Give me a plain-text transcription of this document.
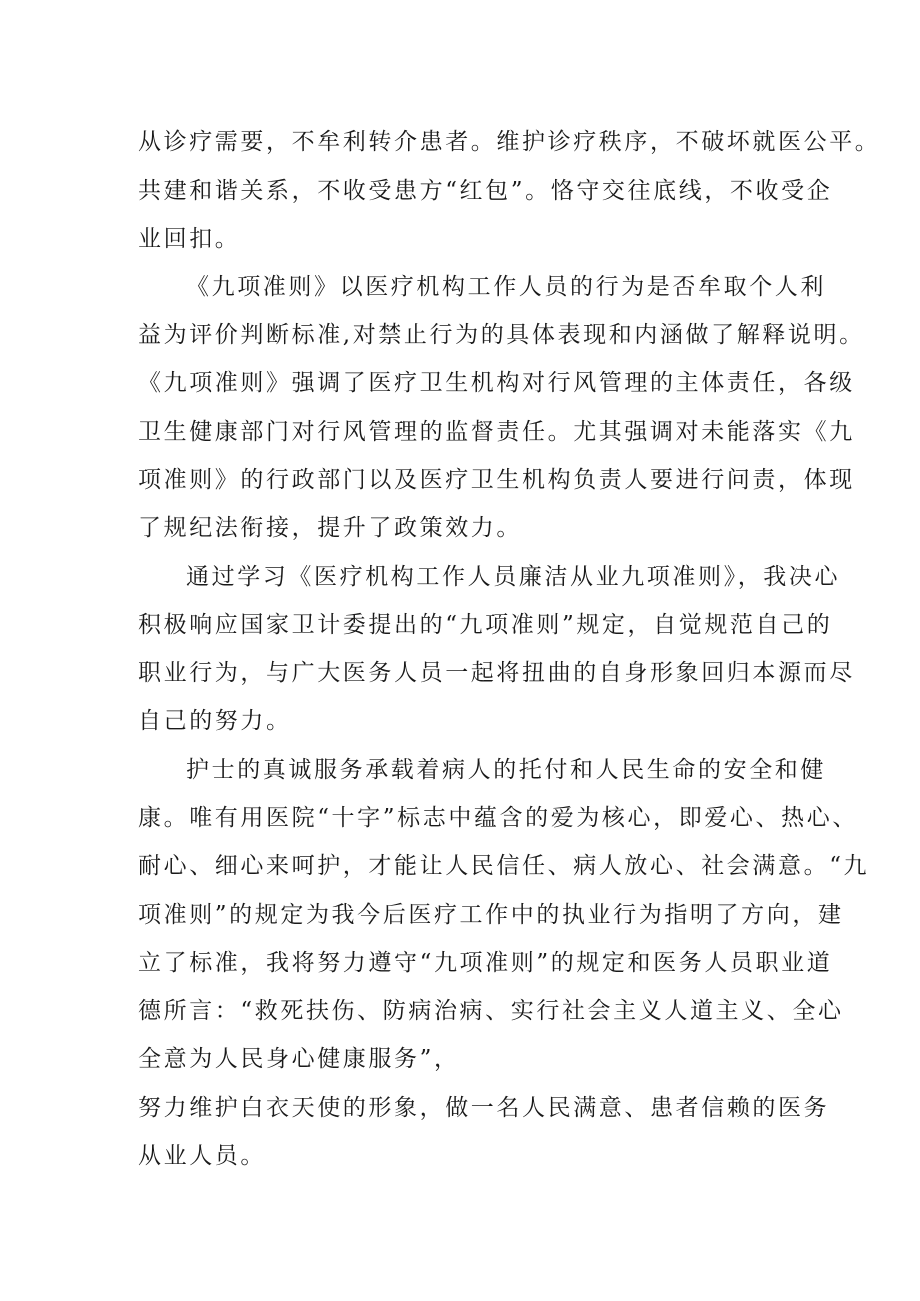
从诊疗需要，不牟利转介患者。维护诊疗秩序，不破坏就医公平。
共建和谐关系，不收受患方“红包”。恪守交往底线，不收受企
业回扣。
《九项准则》以医疗机构工作人员的行为是否牟取个人利
益为评价判断标准,对禁止行为的具体表现和内涵做了解释说明。
《九项准则》强调了医疗卫生机构对行风管理的主体责任，各级
卫生健康部门对行风管理的监督责任。尤其强调对未能落实《九
项准则》的行政部门以及医疗卫生机构负责人要进行问责，体现
了规纪法衔接，提升了政策效力。
通过学习《医疗机构工作人员廉洁从业九项准则》，我决心
积极响应国家卫计委提出的“九项准则”规定，自觉规范自己的
职业行为，与广大医务人员一起将扭曲的自身形象回归本源而尽
自己的努力。
护士的真诚服务承载着病人的托付和人民生命的安全和健
康。唯有用医院“十字”标志中蕴含的爱为核心，即爱心、热心、
耐心、细心来呵护，才能让人民信任、病人放心、社会满意。“九
项准则”的规定为我今后医疗工作中的执业行为指明了方向，建
立了标准，我将努力遵守“九项准则”的规定和医务人员职业道
德所言：“救死扶伤、防病治病、实行社会主义人道主义、全心
全意为人民身心健康服务”，
努力维护白衣天使的形象，做一名人民满意、患者信赖的医务
从业人员。
